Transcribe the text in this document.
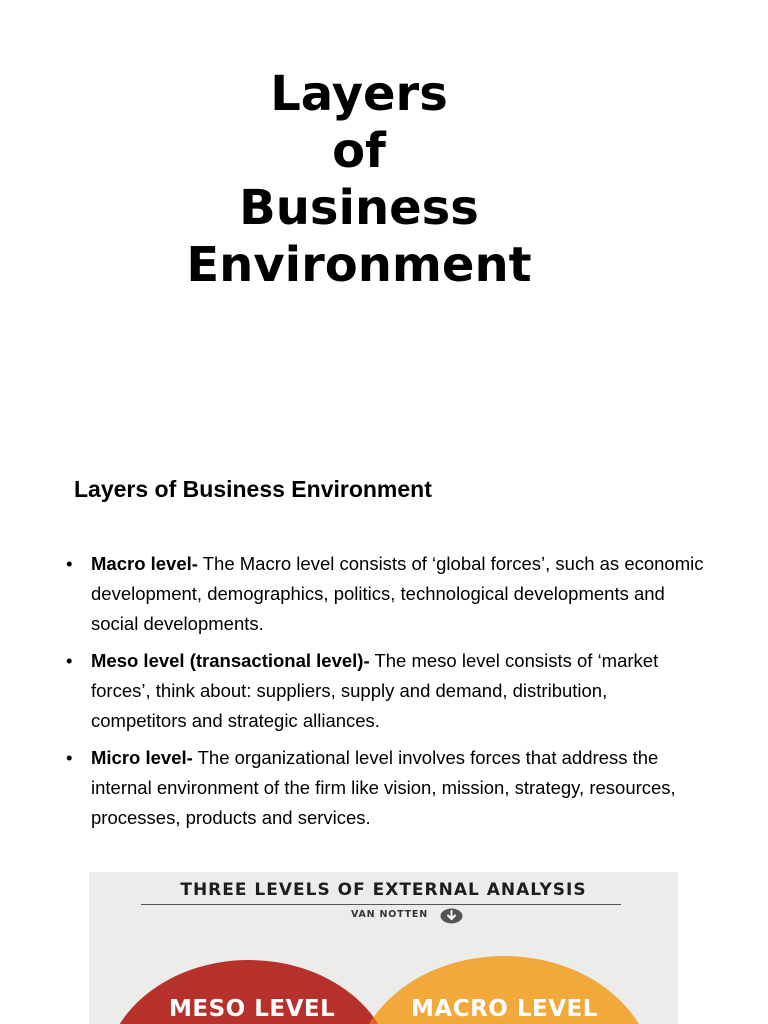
Layers
of
Business
Environment
Layers of Business Environment
• Macro level- The Macro level consists of ‘global forces’, such as economic development, demographics, politics, technological developments and social developments.
• Meso level (transactional level)- The meso level consists of ‘market forces’, think about: suppliers, supply and demand, distribution, competitors and strategic alliances.
• Micro level- The organizational level involves forces that address the internal environment of the firm like vision, mission, strategy, resources, processes, products and services.
THREE LEVELS OF EXTERNAL ANALYSIS
VAN NOTTEN
MESO LEVEL	MACRO LEVEL
